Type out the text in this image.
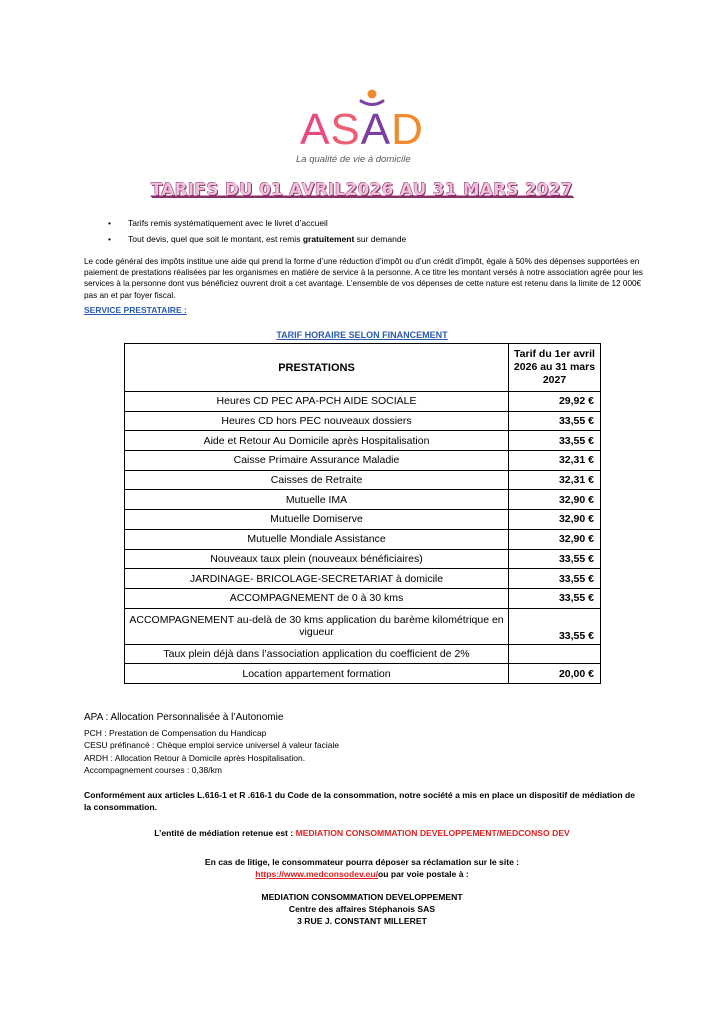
ASAD
La qualité de vie à domicile
TARIFS DU 01 AVRIL2026 AU 31 MARS 2027
• Tarifs remis systématiquement avec le livret d’accueil
• Tout devis, quel que soit le montant, est remis gratuitement sur demande
Le code général des impôts institue une aide qui prend la forme d’une réduction d’impôt ou d’un crédit d’impôt, égale à 50% des dépenses supportées en paiement de prestations réalisées par les organismes en matière de service à la personne. A ce titre les montant versés à notre association agrée pour les services à la personne dont vus bénéficiez ouvrent droit a cet avantage. L’ensemble de vos dépenses de cette nature est retenu dans la limite de 12 000€ pas an et par foyer fiscal.
SERVICE PRESTATAIRE :
TARIF HORAIRE SELON FINANCEMENT
PRESTATIONS	Tarif du 1er avril 2026 au 31 mars 2027
Heures CD PEC APA-PCH AIDE SOCIALE	29,92 €
Heures CD hors PEC nouveaux dossiers	33,55 €
Aide et Retour Au Domicile après Hospitalisation	33,55 €
Caisse Primaire Assurance Maladie	32,31 €
Caisses de Retraite	32,31 €
Mutuelle IMA	32,90 €
Mutuelle Domiserve	32,90 €
Mutuelle Mondiale Assistance	32,90 €
Nouveaux taux plein (nouveaux bénéficiaires)	33,55 €
JARDINAGE- BRICOLAGE-SECRETARIAT à domicile	33,55 €
ACCOMPAGNEMENT de 0 à 30 kms	33,55 €
ACCOMPAGNEMENT au-delà de 30 kms application du barème kilométrique en vigueur	33,55 €
Taux plein déjà dans l’association application du coefficient de 2%	
Location appartement formation	20,00 €
APA : Allocation Personnalisée à l’Autonomie
PCH : Prestation de Compensation du Handicap
CESU préfinancé : Chèque emploi service universel à valeur faciale
ARDH : Allocation Retour à Domicile après Hospitalisation.
Accompagnement courses : 0,38/km
Conformément aux articles L.616-1 et R .616-1 du Code de la consommation, notre société a mis en place un dispositif de médiation de la consommation.
L’entité de médiation retenue est : MEDIATION CONSOMMATION DEVELOPPEMENT/MEDCONSO DEV
En cas de litige, le consommateur pourra déposer sa réclamation sur le site :
https://www.medconsodev.eu/ou par voie postale à :
MEDIATION CONSOMMATION DEVELOPPEMENT
Centre des affaires Stéphanois SAS
3 RUE J. CONSTANT MILLERET
